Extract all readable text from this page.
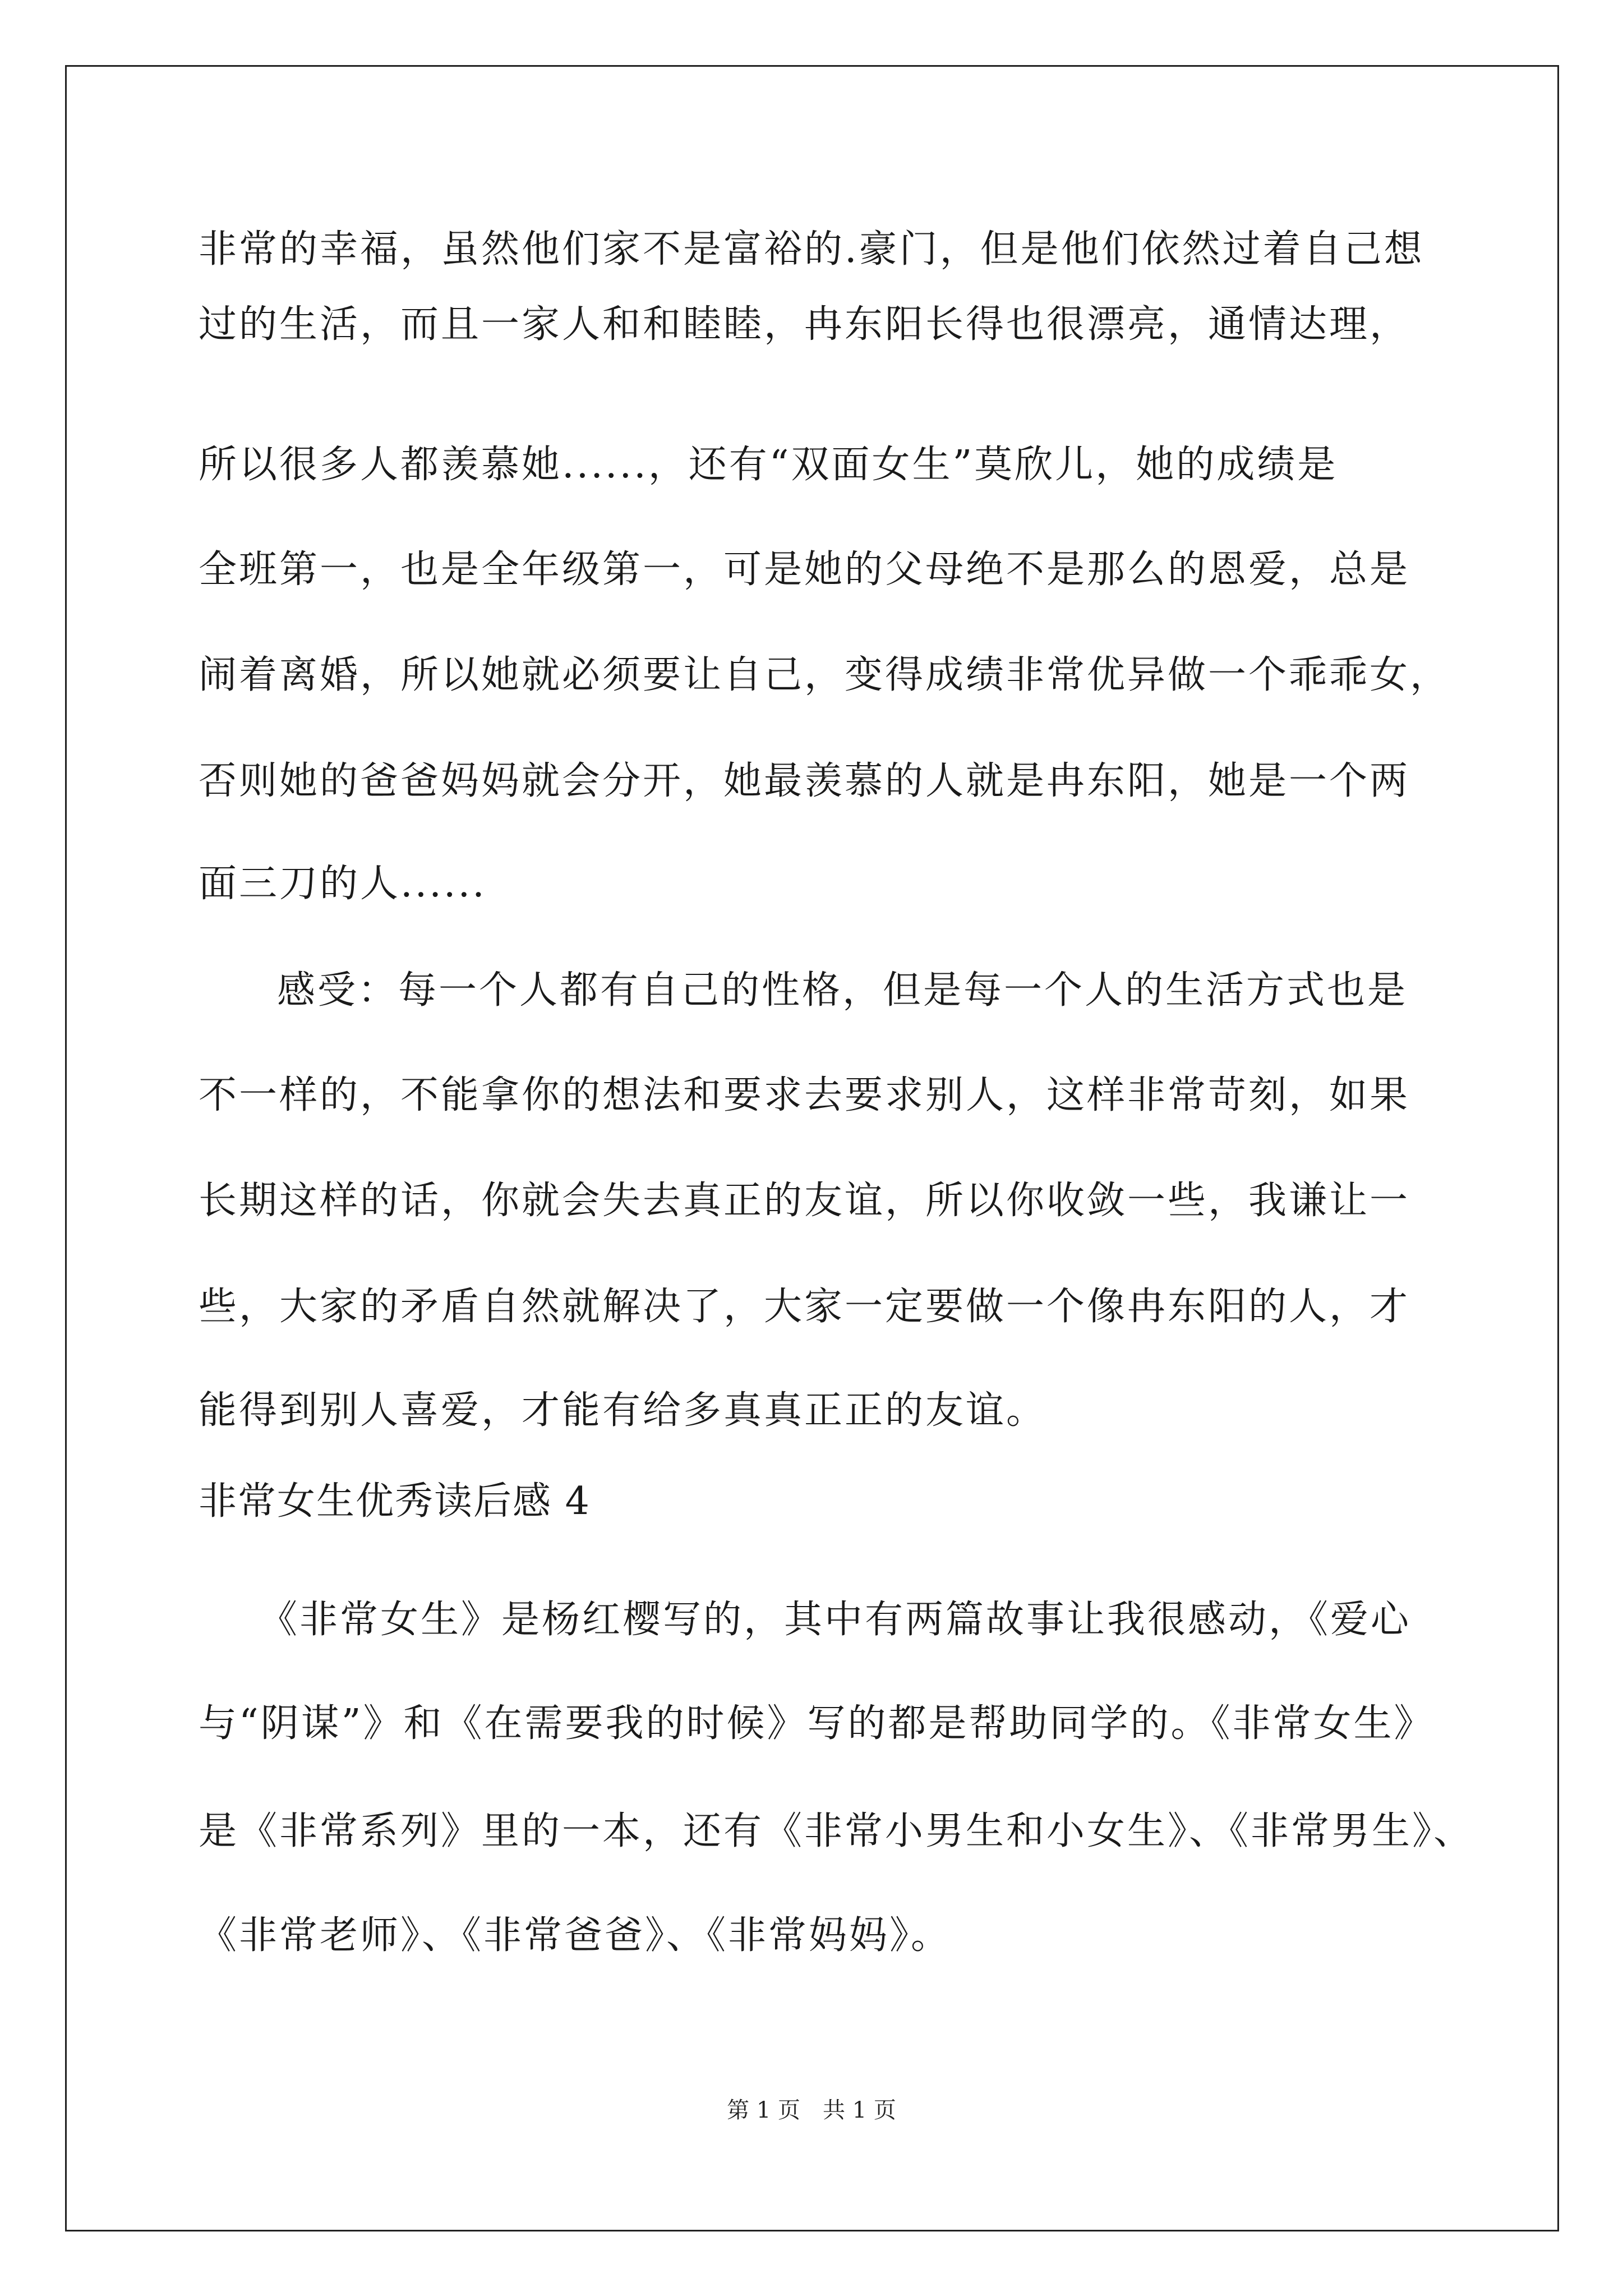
非常的幸福，虽然他们家不是富裕的.豪门，但是他们依然过着自己想
过的生活，而且一家人和和睦睦，冉东阳长得也很漂亮，通情达理，
所以很多人都羡慕她......，还有“双面女生”莫欣儿，她的成绩是
全班第一，也是全年级第一，可是她的父母绝不是那么的恩爱，总是
闹着离婚，所以她就必须要让自己，变得成绩非常优异做一个乖乖女，
否则她的爸爸妈妈就会分开，她最羡慕的人就是冉东阳，她是一个两
面三刀的人......
感受：每一个人都有自己的性格，但是每一个人的生活方式也是
不一样的，不能拿你的想法和要求去要求别人，这样非常苛刻，如果
长期这样的话，你就会失去真正的友谊，所以你收敛一些，我谦让一
些，大家的矛盾自然就解决了，大家一定要做一个像冉东阳的人，才
能得到别人喜爱，才能有给多真真正正的友谊。
非常女生优秀读后感 4
《非常女生》是杨红樱写的，其中有两篇故事让我很感动，《爱心
与“阴谋”》和《在需要我的时候》写的都是帮助同学的。《非常女生》
是《非常系列》里的一本，还有《非常小男生和小女生》、《非常男生》、
《非常老师》、《非常爸爸》、《非常妈妈》。
第 1 页　共 1 页
